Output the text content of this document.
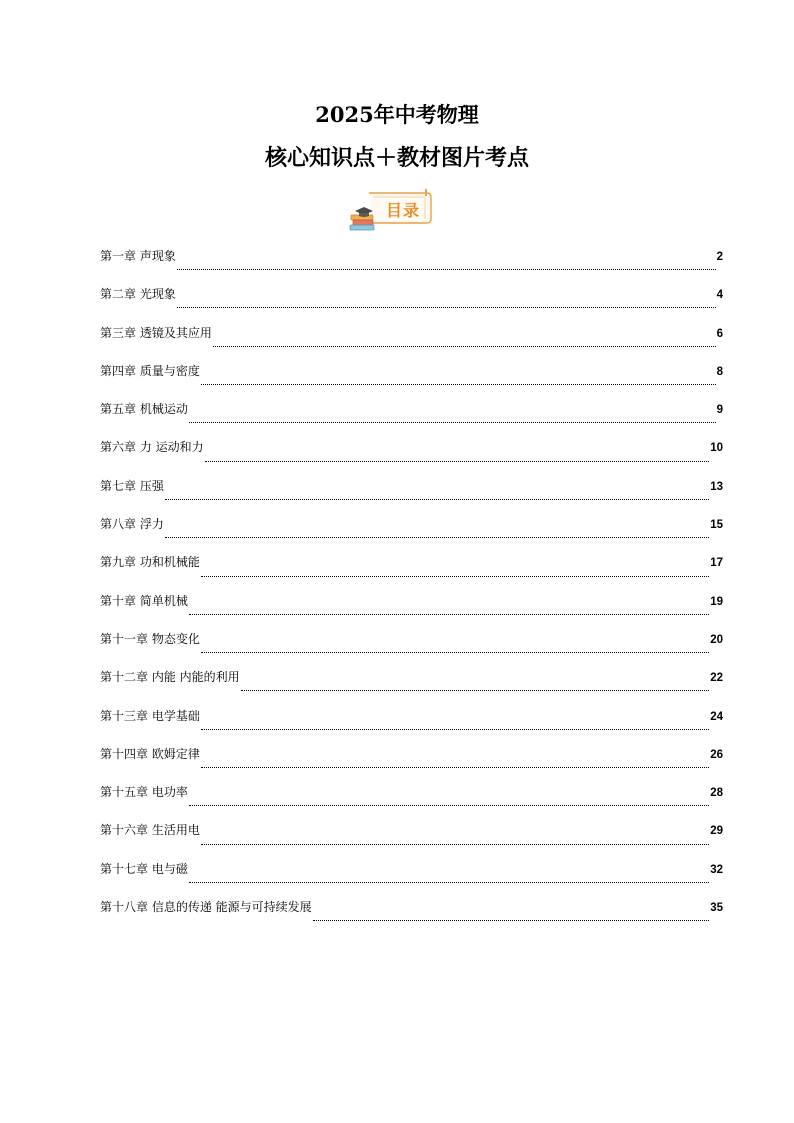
2025年中考物理
核心知识点＋教材图片考点
目录
第一章 声现象	2
第二章 光现象	4
第三章 透镜及其应用	6
第四章 质量与密度	8
第五章 机械运动	9
第六章 力 运动和力	10
第七章 压强	13
第八章 浮力	15
第九章 功和机械能	17
第十章 简单机械	19
第十一章 物态变化	20
第十二章 内能 内能的利用	22
第十三章 电学基础	24
第十四章 欧姆定律	26
第十五章 电功率	28
第十六章 生活用电	29
第十七章 电与磁	32
第十八章 信息的传递 能源与可持续发展	35
